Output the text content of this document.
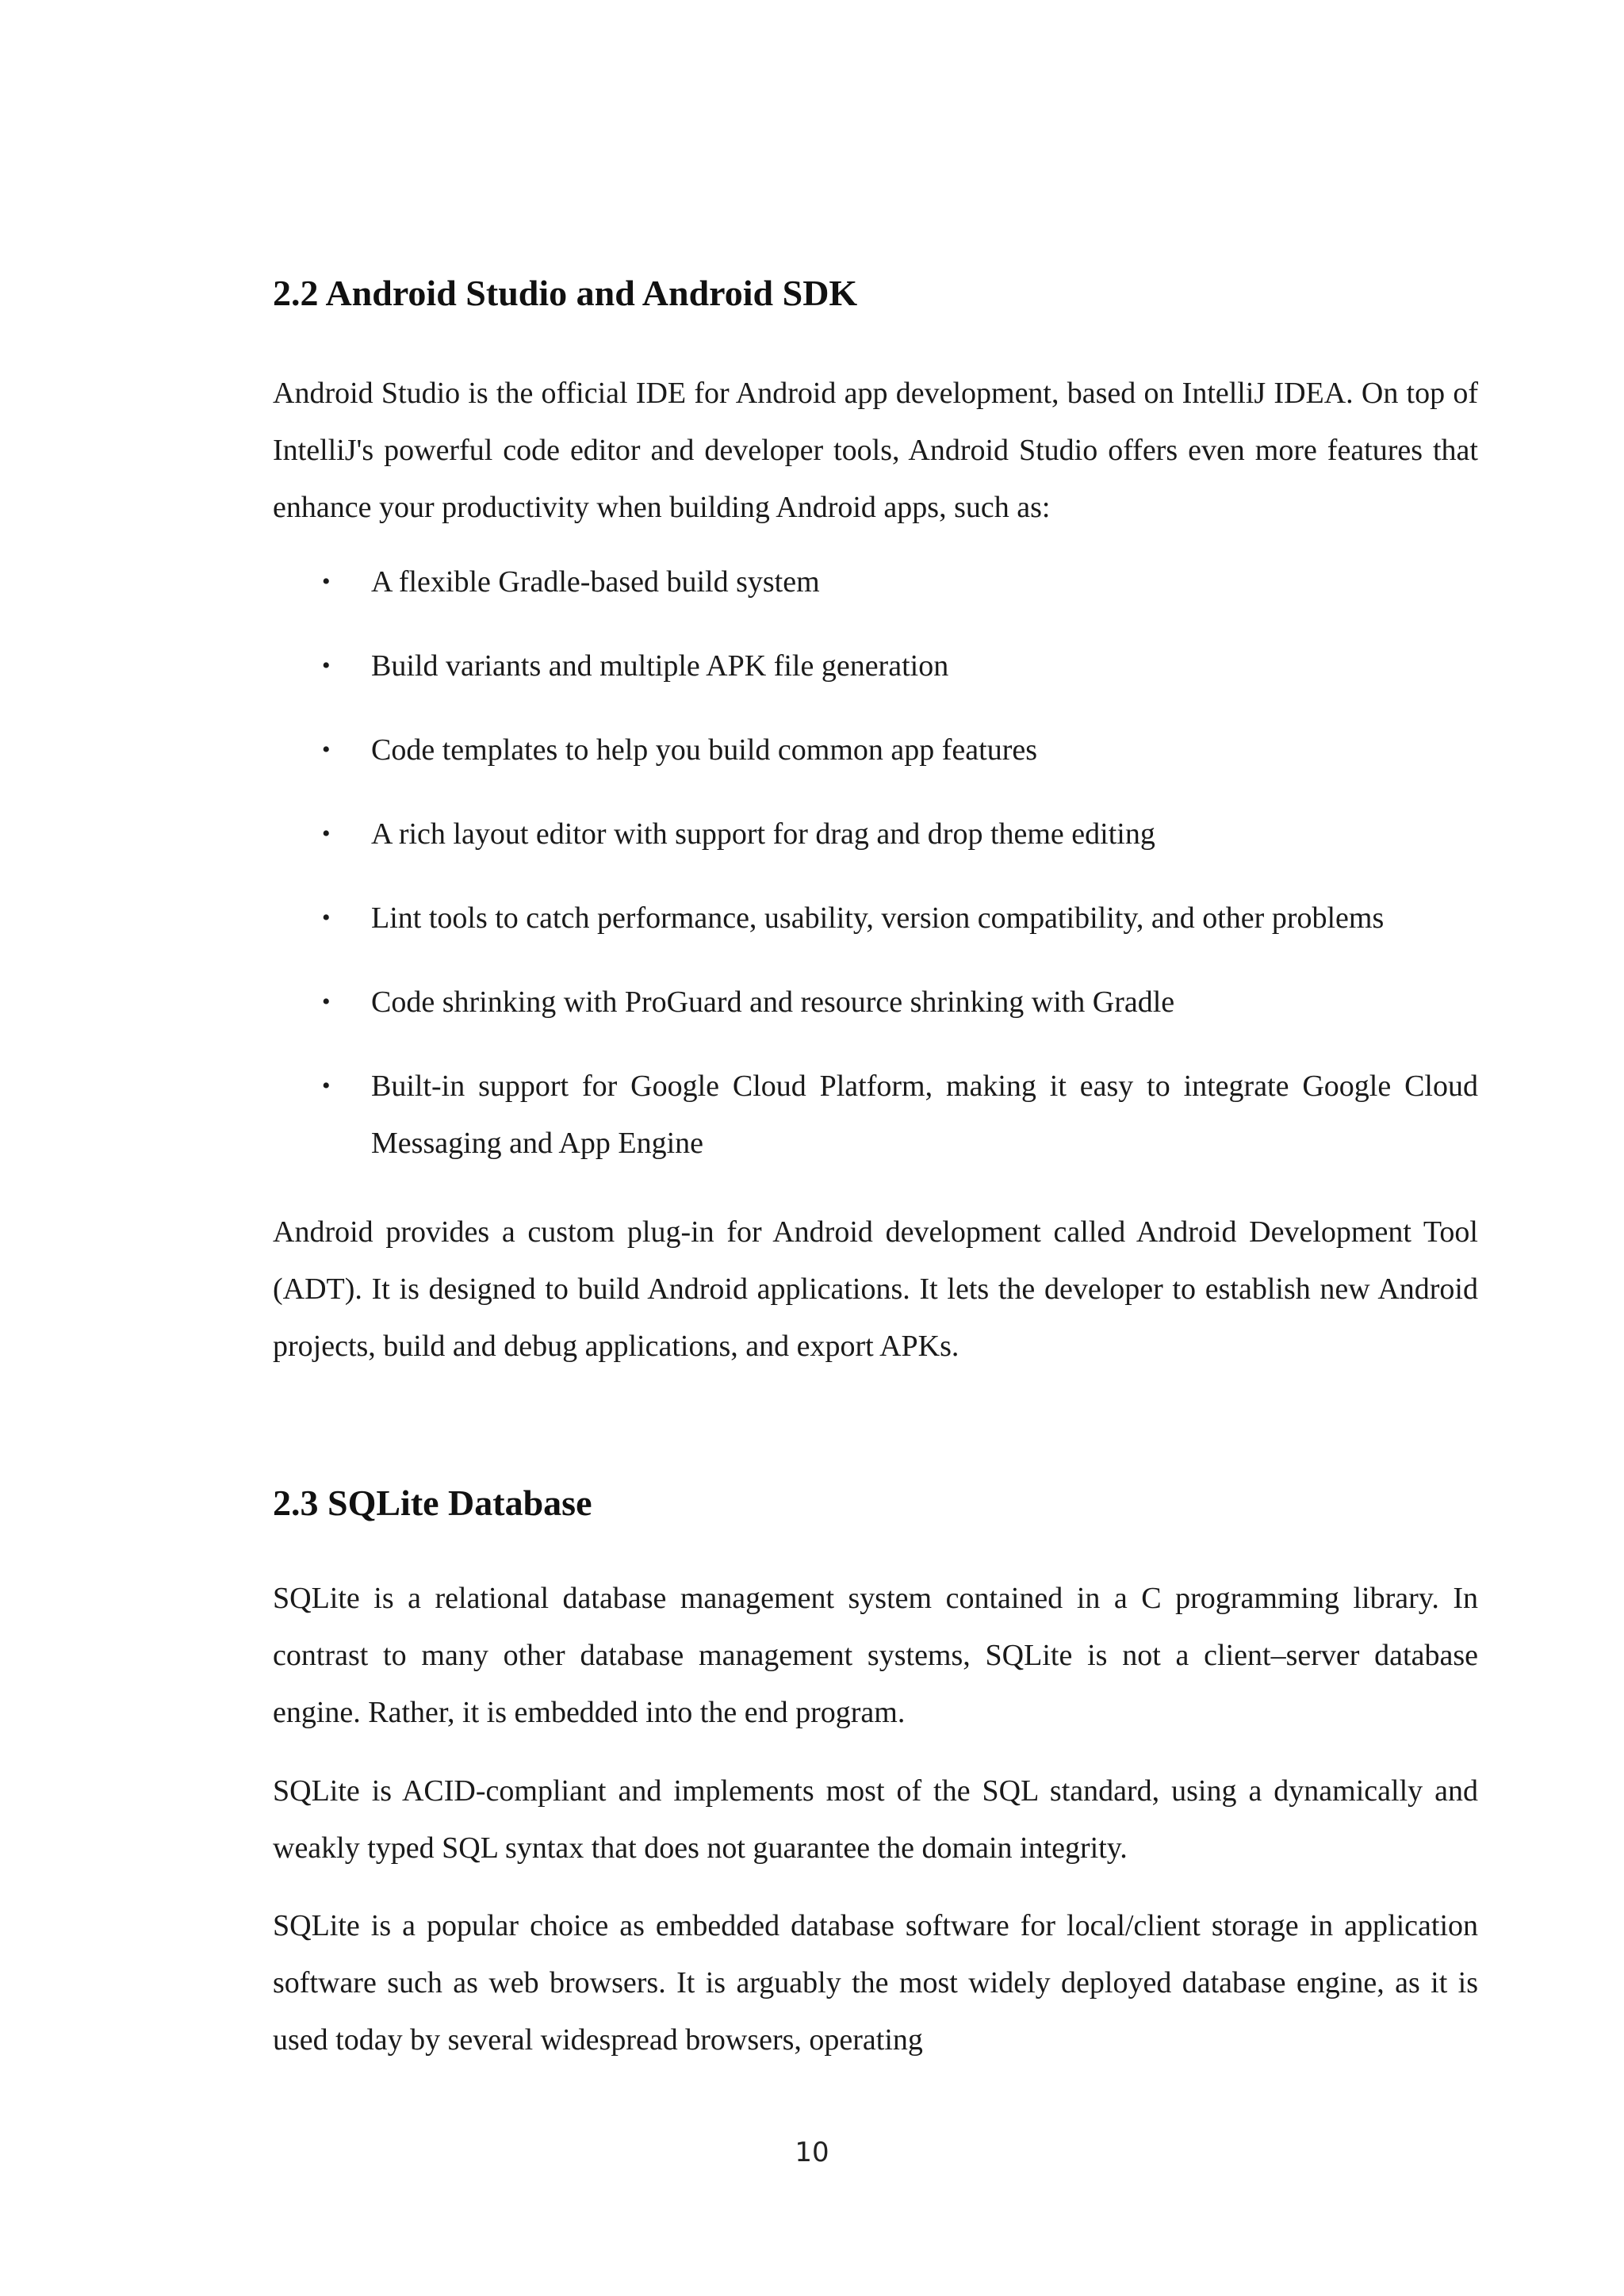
2.2 Android Studio and Android SDK

Android Studio is the official IDE for Android app development, based on IntelliJ IDEA. On top of IntelliJ's powerful code editor and developer tools, Android Studio offers even more features that enhance your productivity when building Android apps, such as:

• A flexible Gradle-based build system
• Build variants and multiple APK file generation
• Code templates to help you build common app features
• A rich layout editor with support for drag and drop theme editing
• Lint tools to catch performance, usability, version compatibility, and other problems
• Code shrinking with ProGuard and resource shrinking with Gradle
• Built-in support for Google Cloud Platform, making it easy to integrate Google Cloud Messaging and App Engine

Android provides a custom plug-in for Android development called Android Development Tool (ADT). It is designed to build Android applications. It lets the developer to establish new Android projects, build and debug applications, and export APKs.

2.3 SQLite Database

SQLite is a relational database management system contained in a C programming library. In contrast to many other database management systems, SQLite is not a client–server database engine. Rather, it is embedded into the end program.

SQLite is ACID-compliant and implements most of the SQL standard, using a dynamically and weakly typed SQL syntax that does not guarantee the domain integrity.

SQLite is a popular choice as embedded database software for local/client storage in application software such as web browsers. It is arguably the most widely deployed database engine, as it is used today by several widespread browsers, operating

10
